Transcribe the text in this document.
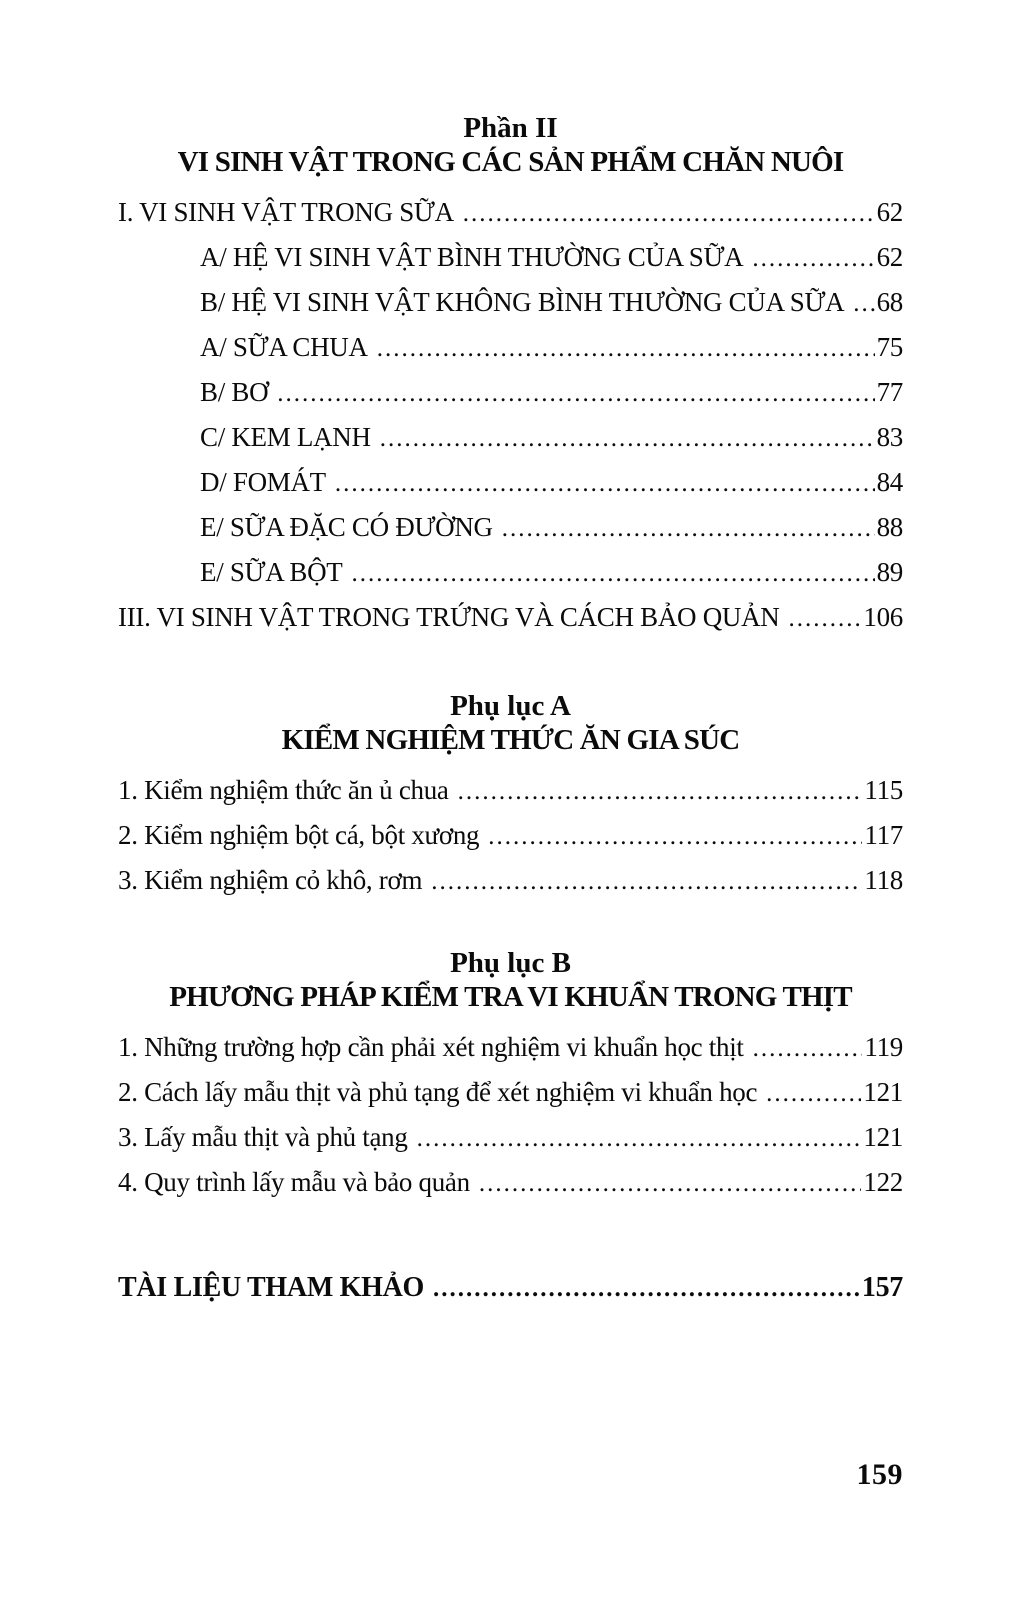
Phần II
VI SINH VẬT TRONG CÁC SẢN PHẨM CHĂN NUÔI
I. VI SINH VẬT TRONG SỮA .....	62
A/ HỆ VI SINH VẬT BÌNH THƯỜNG CỦA SỮA .....	62
B/ HỆ VI SINH VẬT KHÔNG BÌNH THƯỜNG CỦA SỮA ..... 68
A/ SỮA CHUA .....	75
B/ BƠ .....	77
C/ KEM LẠNH .....	83
D/ FOMÁT .....	84
E/ SỮA ĐẶC CÓ ĐƯỜNG .....	88
E/ SỮA BỘT .....	89
III. VI SINH VẬT TRONG TRỨNG VÀ CÁCH BẢO QUẢN .....	106
Phụ lục A
KIỂM NGHIỆM THỨC ĂN GIA SÚC
1. Kiểm nghiệm thức ăn ủ chua .....	115
2. Kiểm nghiệm bột cá, bột xương .....	117
3. Kiểm nghiệm cỏ khô, rơm .....	118
Phụ lục B
PHƯƠNG PHÁP KIỂM TRA VI KHUẨN TRONG THỊT
1. Những trường hợp cần phải xét nghiệm vi khuẩn học thịt .....	119
2. Cách lấy mẫu thịt và phủ tạng để xét nghiệm vi khuẩn học .....	121
3. Lấy mẫu thịt và phủ tạng .....	121
4. Quy trình lấy mẫu và bảo quản .....	122
TÀI LIỆU THAM KHẢO .....	157
159
